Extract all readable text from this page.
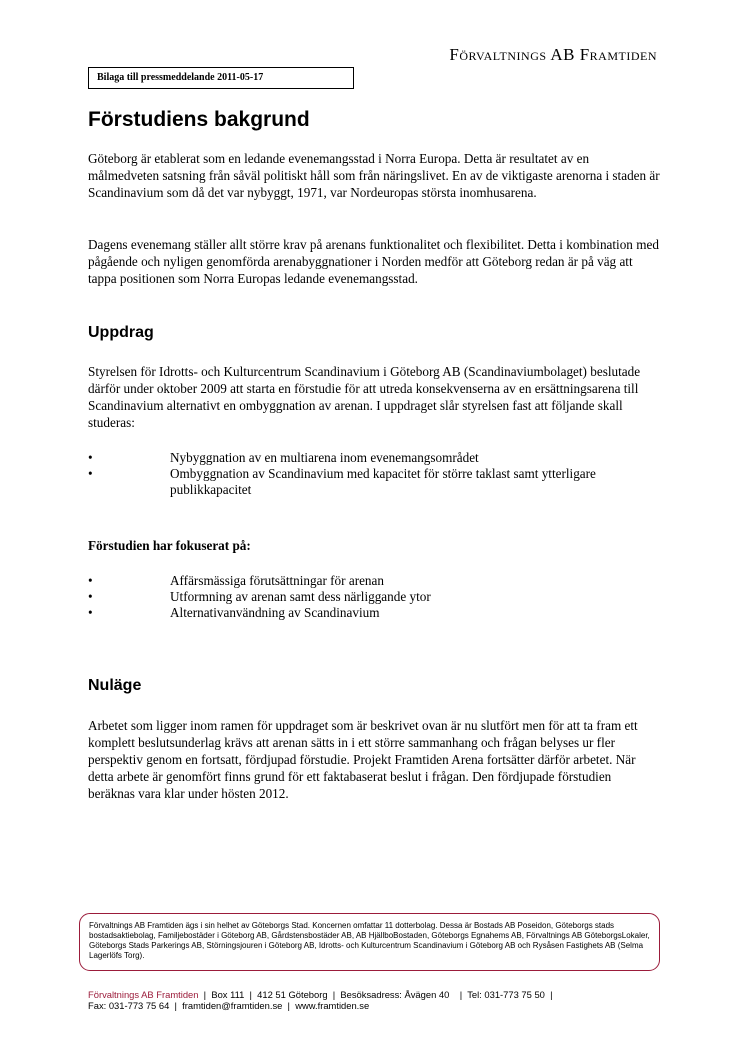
Förvaltnings AB Framtiden
Bilaga till pressmeddelande 2011-05-17
Förstudiens bakgrund

Göteborg är etablerat som en ledande evenemangsstad i Norra Europa. Detta är resultatet av en målmedveten satsning från såväl politiskt håll som från näringslivet. En av de viktigaste arenorna i staden är Scandinavium som då det var nybyggt, 1971, var Nordeuropas största inomhusarena.

Dagens evenemang ställer allt större krav på arenans funktionalitet och flexibilitet. Detta i kombination med pågående och nyligen genomförda arenabyggnationer i Norden medför att Göteborg redan är på väg att tappa positionen som Norra Europas ledande evenemangsstad.

Uppdrag

Styrelsen för Idrotts- och Kulturcentrum Scandinavium i Göteborg AB (Scandinaviumbolaget) beslutade därför under oktober 2009 att starta en förstudie för att utreda konsekvenserna av en ersättningsarena till Scandinavium alternativt en ombyggnation av arenan. I uppdraget slår styrelsen fast att följande skall studeras:

•	Nybyggnation av en multiarena inom evenemangsområdet
•	Ombyggnation av Scandinavium med kapacitet för större taklast samt ytterligare publikkapacitet

Förstudien har fokuserat på:

•	Affärsmässiga förutsättningar för arenan
•	Utformning av arenan samt dess närliggande ytor
•	Alternativanvändning av Scandinavium
Nuläge

Arbetet som ligger inom ramen för uppdraget som är beskrivet ovan är nu slutfört men för att ta fram ett komplett beslutsunderlag krävs att arenan sätts in i ett större sammanhang och frågan belyses ur fler perspektiv genom en fortsatt, fördjupad förstudie. Projekt Framtiden Arena fortsätter därför arbetet. När detta arbete är genomfört finns grund för ett faktabaserat beslut i frågan. Den fördjupade förstudien beräknas vara klar under hösten 2012.

Förvaltnings AB Framtiden ägs i sin helhet av Göteborgs Stad. Koncernen omfattar 11 dotterbolag. Dessa är Bostads AB Poseidon, Göteborgs stads bostadsaktiebolag, Familjebostäder i Göteborg AB, Gårdstensbostäder AB, AB HjällboBostaden, Göteborgs Egnahems AB, Förvaltnings AB GöteborgsLokaler, Göteborgs Stads Parkerings AB, Störningsjouren i Göteborg AB, Idrotts- och Kulturcentrum Scandinavium i Göteborg AB och Rysåsen Fastighets AB (Selma Lagerlöfs Torg).
Förvaltnings AB Framtiden  |  Box 111  |  412 51 Göteborg  |  Besöksadress: Åvägen 40    |  Tel: 031-773 75 50  |
Fax: 031-773 75 64  |  framtiden@framtiden.se  |  www.framtiden.se
